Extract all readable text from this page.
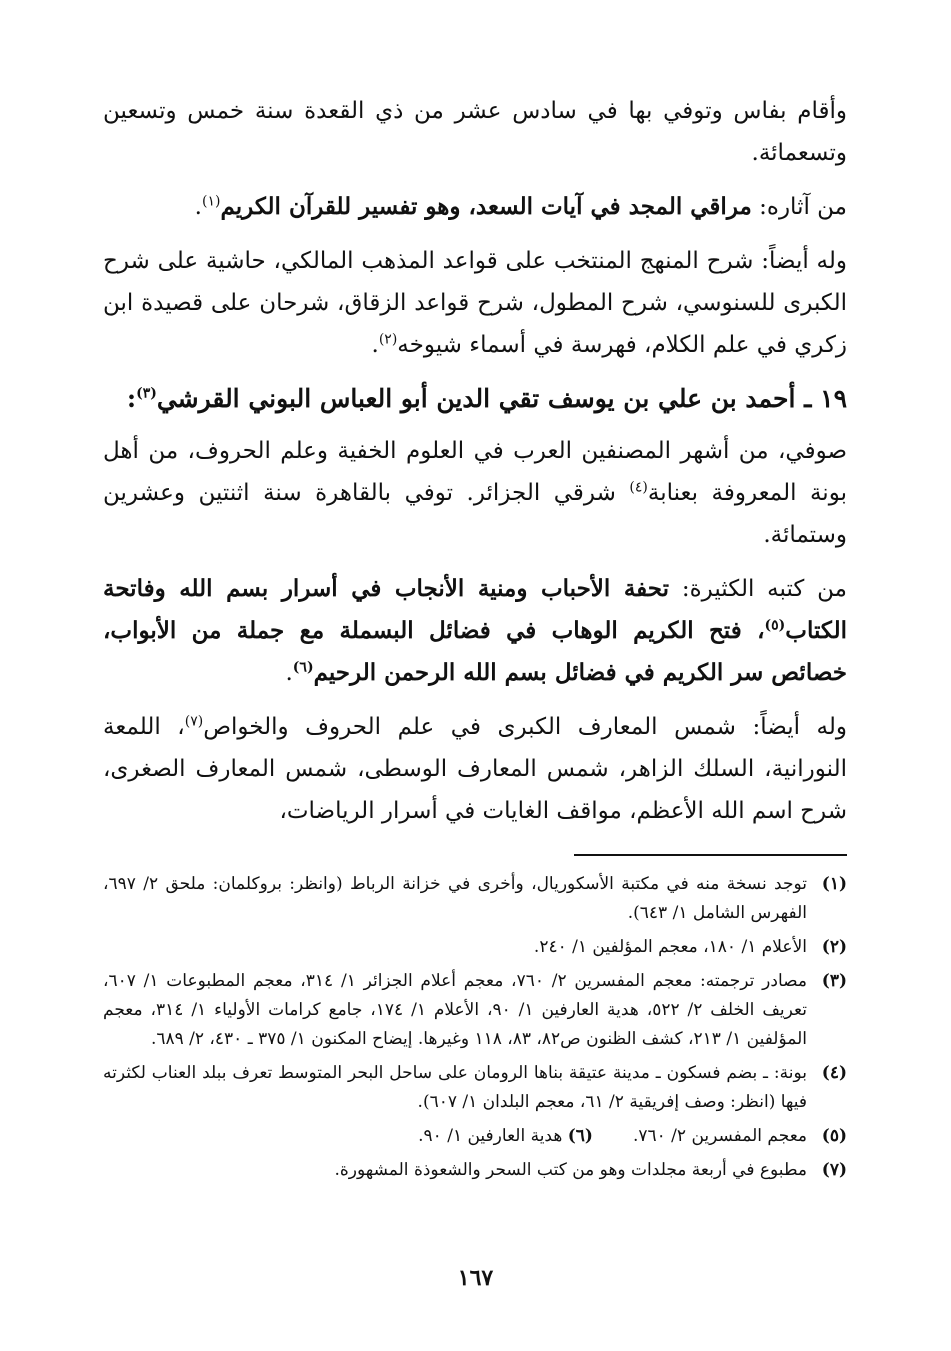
وأقام بفاس وتوفي بها في سادس عشر من ذي القعدة سنة خمس وتسعين وتسعمائة.

من آثاره: مراقي المجد في آيات السعد، وهو تفسير للقرآن الكريم$^{(١)}$.

وله أيضاً: شرح المنهج المنتخب على قواعد المذهب المالكي، حاشية على شرح الكبرى للسنوسي، شرح المطول، شرح قواعد الزقاق، شرحان على قصيدة ابن زكري في علم الكلام، فهرسة في أسماء شيوخه$^{(٢)}$.

١٩ ـ أحمد بن علي بن يوسف تقي الدين أبو العباس البوني القرشي$^{(٣)}$:

صوفي، من أشهر المصنفين العرب في العلوم الخفية وعلم الحروف، من أهل بونة المعروفة بعنابة$^{(٤)}$ شرقي الجزائر. توفي بالقاهرة سنة اثنتين وعشرين وستمائة.

من كتبه الكثيرة: تحفة الأحباب ومنية الأنجاب في أسرار بسم الله وفاتحة الكتاب$^{(٥)}$، فتح الكريم الوهاب في فضائل البسملة مع جملة من الأبواب، خصائص سر الكريم في فضائل بسم الله الرحمن الرحيم$^{(٦)}$.

وله أيضاً: شمس المعارف الكبرى في علم الحروف والخواص$^{(٧)}$، اللمعة النورانية، السلك الزاهر، شمس المعارف الوسطى، شمس المعارف الصغرى، شرح اسم الله الأعظم، مواقف الغايات في أسرار الرياضات،

(١)
توجد نسخة منه في مكتبة الأسكوريال، وأخرى في خزانة الرباط (وانظر: بروكلمان: ملحق ٢/ ٦٩٧، الفهرس الشامل ١/ ٦٤٣).
(٢)
الأعلام ١/ ١٨٠، معجم المؤلفين ١/ ٢٤٠.
(٣)
مصادر ترجمته: معجم المفسرين ٢/ ٧٦٠، معجم أعلام الجزائر ١/ ٣١٤، معجم المطبوعات ١/ ٦٠٧، تعريف الخلف ٢/ ٥٢٢، هدية العارفين ١/ ٩٠، الأعلام ١/ ١٧٤، جامع كرامات الأولياء ١/ ٣١٤، معجم المؤلفين ١/ ٢١٣، كشف الظنون ص٨٢، ٨٣، ١١٨ وغيرها. إيضاح المكنون ١/ ٣٧٥ ـ ٤٣٠، ٢/ ٦٨٩.
(٤)
بونة: ـ بضم فسكون ـ مدينة عتيقة بناها الرومان على ساحل البحر المتوسط تعرف ببلد العناب لكثرته فيها (انظر: وصف إفريقية ٢/ ٦١، معجم البلدان ١/ ٦٠٧).
(٥)
معجم المفسرين ٢/ ٧٦٠.(٦) هدية العارفين ١/ ٩٠.
(٧)
مطبوع في أربعة مجلدات وهو من كتب السحر والشعوذة المشهورة.
١٦٧
